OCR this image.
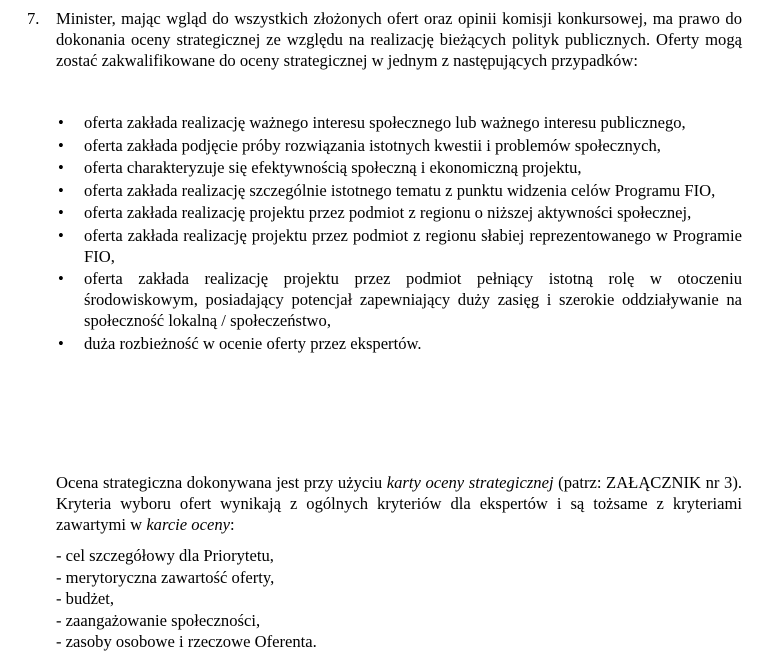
7. Minister, mając wgląd do wszystkich złożonych ofert oraz opinii komisji konkursowej, ma prawo do dokonania oceny strategicznej ze względu na realizację bieżących polityk publicznych. Oferty mogą zostać zakwalifikowane do oceny strategicznej w jednym z następujących przypadków:

• oferta zakłada realizację ważnego interesu społecznego lub ważnego interesu publicznego,
• oferta zakłada podjęcie próby rozwiązania istotnych kwestii i problemów społecznych,
• oferta charakteryzuje się efektywnością społeczną i ekonomiczną projektu,
• oferta zakłada realizację szczególnie istotnego tematu z punktu widzenia celów Programu FIO,
• oferta zakłada realizację projektu przez podmiot z regionu o niższej aktywności społecznej,
• oferta zakłada realizację projektu przez podmiot z regionu słabiej reprezentowanego w Programie FIO,
• oferta zakłada realizację projektu przez podmiot pełniący istotną rolę w otoczeniu środowiskowym, posiadający potencjał zapewniający duży zasięg i szerokie oddziaływanie na społeczność lokalną / społeczeństwo,
• duża rozbieżność w ocenie oferty przez ekspertów.

Ocena strategiczna dokonywana jest przy użyciu karty oceny strategicznej (patrz: ZAŁĄCZNIK nr 3). Kryteria wyboru ofert wynikają z ogólnych kryteriów dla ekspertów i są tożsame z kryteriami zawartymi w karcie oceny:

- cel szczegółowy dla Priorytetu,
- merytoryczna zawartość oferty,
- budżet,
- zaangażowanie społeczności,
- zasoby osobowe i rzeczowe Oferenta.
